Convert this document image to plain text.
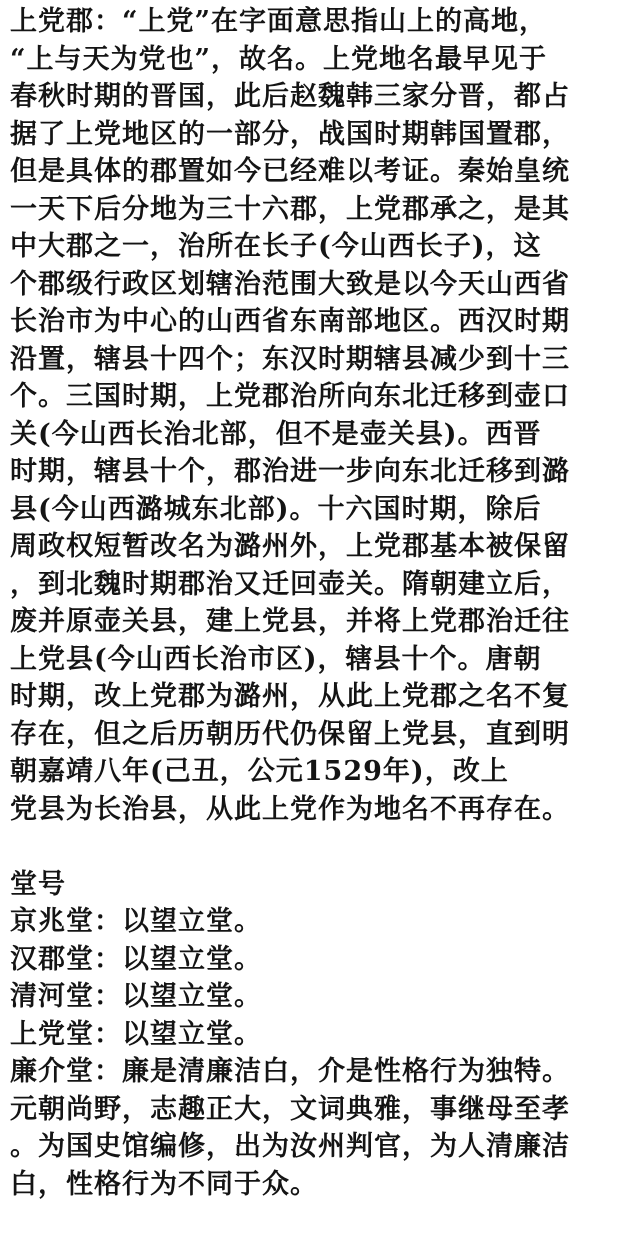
上党郡：“上党”在字面意思指山上的高地，
“上与天为党也”，故名。上党地名最早见于
春秋时期的晋国，此后赵魏韩三家分晋，都占
据了上党地区的一部分，战国时期韩国置郡，
但是具体的郡置如今已经难以考证。秦始皇统
一天下后分地为三十六郡，上党郡承之，是其
中大郡之一，治所在长子(今山西长子)，这
个郡级行政区划辖治范围大致是以今天山西省
长治市为中心的山西省东南部地区。西汉时期
沿置，辖县十四个；东汉时期辖县减少到十三
个。三国时期，上党郡治所向东北迁移到壶口
关(今山西长治北部，但不是壶关县)。西晋
时期，辖县十个，郡治进一步向东北迁移到潞
县(今山西潞城东北部)。十六国时期，除后
周政权短暂改名为潞州外，上党郡基本被保留
，到北魏时期郡治又迁回壶关。隋朝建立后，
废并原壶关县，建上党县，并将上党郡治迁往
上党县(今山西长治市区)，辖县十个。唐朝
时期，改上党郡为潞州，从此上党郡之名不复
存在，但之后历朝历代仍保留上党县，直到明
朝嘉靖八年(己丑，公元1529年)，改上
党县为长治县，从此上党作为地名不再存在。
堂号
京兆堂：以望立堂。
汉郡堂：以望立堂。
清河堂：以望立堂。
上党堂：以望立堂。
廉介堂：廉是清廉洁白，介是性格行为独特。
元朝尚野，志趣正大，文词典雅，事继母至孝
。为国史馆编修，出为汝州判官，为人清廉洁
白，性格行为不同于众。
